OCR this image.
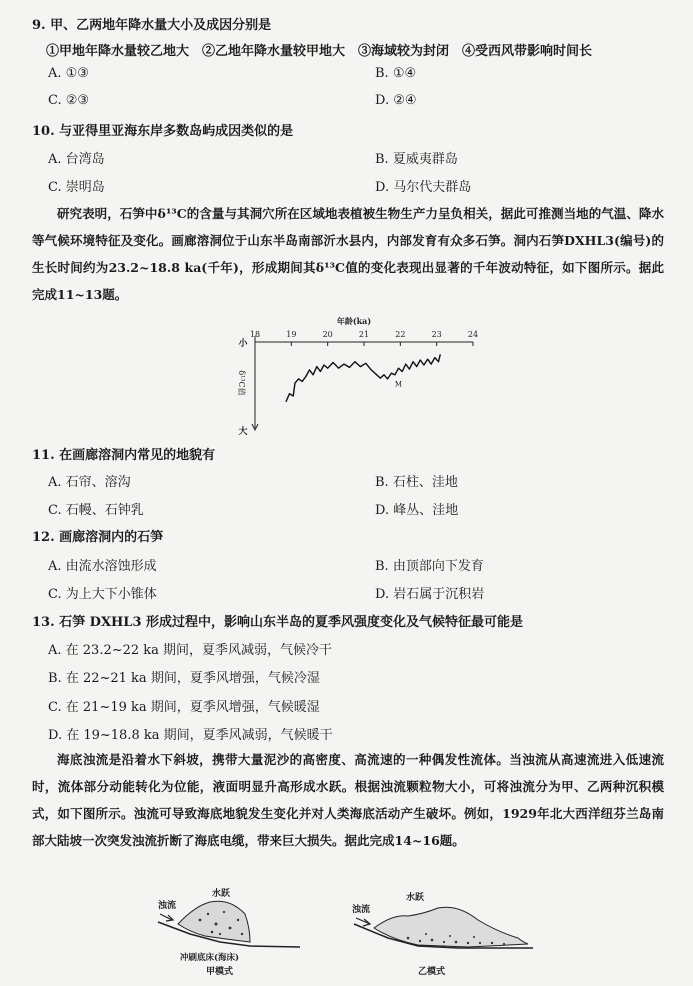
9. 甲、乙两地年降水量大小及成因分别是
①甲地年降水量较乙地大　②乙地年降水量较甲地大　③海域较为封闭　④受西风带影响时间长
A. ①③	B. ①④
C. ②③	D. ②④
10. 与亚得里亚海东岸多数岛屿成因类似的是
A. 台湾岛	B. 夏威夷群岛
C. 崇明岛	D. 马尔代夫群岛
研究表明，石笋中δ¹³C的含量与其洞穴所在区域地表植被生物生产力呈负相关，据此可推测当地的气温、降水等气候环境特征及变化。画廊溶洞位于山东半岛南部沂水县内，内部发育有众多石笋。洞内石笋DXHL3(编号)的生长时间约为23.2~18.8 ka(千年)，形成期间其δ¹³C值的变化表现出显著的千年波动特征，如下图所示。据此完成11~13题。
18	19	20	21	22	23	24
年龄(ka)
小
大
δ¹³C值	M
11. 在画廊溶洞内常见的地貌有
A. 石帘、溶沟	B. 石柱、洼地
C. 石幔、石钟乳	D. 峰丛、洼地
12. 画廊溶洞内的石笋
A. 由流水溶蚀形成	B. 由顶部向下发育
C. 为上大下小锥体	D. 岩石属于沉积岩
13. 石笋 DXHL3 形成过程中，影响山东半岛的夏季风强度变化及气候特征最可能是
A. 在 23.2~22 ka 期间，夏季风减弱，气候冷干
B. 在 22~21 ka 期间，夏季风增强，气候冷湿
C. 在 21~19 ka 期间，夏季风增强，气候暖湿
D. 在 19~18.8 ka 期间，夏季风减弱，气候暖干
海底浊流是沿着水下斜坡，携带大量泥沙的高密度、高流速的一种偶发性流体。当浊流从高速流进入低速流时，流体部分动能转化为位能，液面明显升高形成水跃。根据浊流颗粒物大小，可将浊流分为甲、乙两种沉积模式，如下图所示。浊流可导致海底地貌发生变化并对人类海底活动产生破坏。例如，1929年北大西洋纽芬兰岛南部大陆坡一次突发浊流折断了海底电缆，带来巨大损失。据此完成14~16题。
浊流
水跃
冲刷底床(海床)
甲模式
浊流
水跃
乙模式
